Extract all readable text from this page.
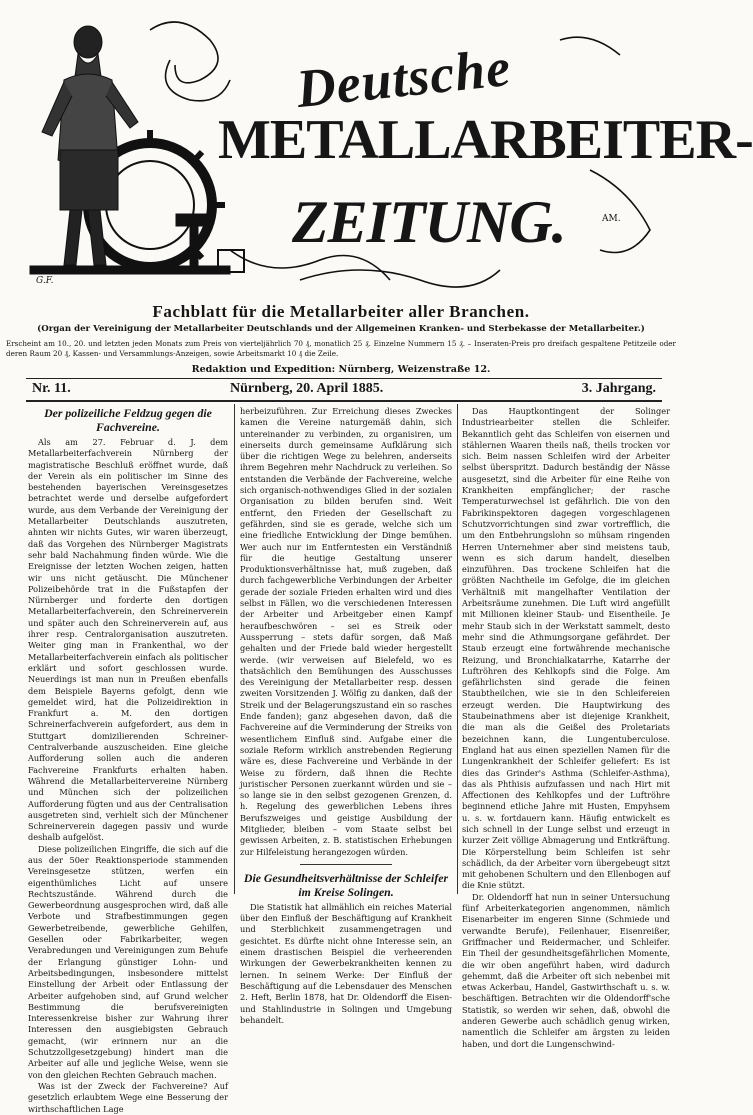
Deutsche
METALLARBEITER-
ZEITUNG.
G.F.
AM.
Fachblatt für die Metallarbeiter aller Branchen.
(Organ der Vereinigung der Metallarbeiter Deutschlands und der Allgemeinen Kranken- und Sterbekasse der Metallarbeiter.)
Erscheint am 10., 20. und letzten jeden Monats zum Preis von vierteljährlich 70 ₰, monatlich 25 ₰. Einzelne Nummern 15 ₰. – Inseraten-Preis pro dreifach gespaltene Petitzeile oder deren Raum 20 ₰, Kassen- und Versammlungs-Anzeigen, sowie Arbeitsmarkt 10 ₰ die Zeile.
Redaktion und Expedition: Nürnberg, Weizenstraße 12.
Nr. 11.	Nürnberg, 20. April 1885.	3. Jahrgang.
Der polizeiliche Feldzug gegen die Fachvereine.

Als am 27. Februar d. J. dem Metallarbeiterfachverein Nürnberg der magistratische Beschluß eröffnet wurde, daß der Verein als ein politischer im Sinne des bestehenden bayerischen Vereinsgesetzes betrachtet werde und derselbe aufgefordert wurde, aus dem Verbande der Vereinigung der Metallarbeiter Deutschlands auszutreten, ahnten wir nichts Gutes, wir waren überzeugt, daß das Vorgehen des Nürnberger Magistrats sehr bald Nachahmung finden würde. Wie die Ereignisse der letzten Wochen zeigen, hatten wir uns nicht getäuscht. Die Münchener Polizeibehörde trat in die Fußstapfen der Nürnberger und forderte den dortigen Metallarbeiterfachverein, den Schreinerverein und später auch den Schreinerverein auf, aus ihrer resp. Centralorganisation auszutreten. Weiter ging man in Frankenthal, wo der Metallarbeiterfachverein einfach als politischer erklärt und sofort geschlossen wurde. Neuerdings ist man nun in Preußen ebenfalls dem Beispiele Bayerns gefolgt, denn wie gemeldet wird, hat die Polizeidirektion in Frankfurt a. M. den dortigen Schreinerfachverein aufgefordert, aus dem in Stuttgart domizilierenden Schreiner-Centralverbande auszuscheiden. Eine gleiche Aufforderung sollen auch die anderen Fachvereine Frankfurts erhalten haben. Während die Metallarbeitervereine Nürnberg und München sich der polizeilichen Aufforderung fügten und aus der Centralisation ausgetreten sind, verhielt sich der Münchener Schreinerverein dagegen passiv und wurde deshalb aufgelöst.

Diese polizeilichen Eingriffe, die sich auf die aus der 50er Reaktionsperiode stammenden Vereinsgesetze stützen, werfen ein eigenthümliches Licht auf unsere Rechtszustände. Während durch die Gewerbeordnung ausgesprochen wird, daß alle Verbote und Strafbestimmungen gegen Gewerbetreibende, gewerbliche Gehilfen, Gesellen oder Fabrikarbeiter, wegen Verabredungen und Vereinigungen zum Behufe der Erlangung günstiger Lohn- und Arbeitsbedingungen, insbesondere mittelst Einstellung der Arbeit oder Entlassung der Arbeiter aufgehoben sind, auf Grund welcher Bestimmung die berufsvereinigten Interessenkreise bisher zur Wahrung ihrer Interessen den ausgiebigsten Gebrauch gemacht, (wir erinnern nur an die Schutzzollgesetzgebung) hindert man die Arbeiter auf alle und jegliche Weise, wenn sie von den gleichen Rechten Gebrauch machen.

Was ist der Zweck der Fachvereine? Auf gesetzlich erlaubtem Wege eine Besserung der wirthschaftlichen Lage

herbeizuführen. Zur Erreichung dieses Zweckes kamen die Vereine naturgemäß dahin, sich untereinander zu verbinden, zu organisiren, um einerseits durch gemeinsame Aufklärung sich über die richtigen Wege zu belehren, anderseits ihrem Begehren mehr Nachdruck zu verleihen. So entstanden die Verbände der Fachvereine, welche sich organisch-nothwendiges Glied in der sozialen Organisation zu bilden berufen sind. Weit entfernt, den Frieden der Gesellschaft zu gefährden, sind sie es gerade, welche sich um eine friedliche Entwicklung der Dinge bemühen. Wer auch nur im Entferntesten ein Verständniß für die heutige Gestaltung unserer Produktionsverhältnisse hat, muß zugeben, daß durch fachgewerbliche Verbindungen der Arbeiter gerade der soziale Frieden erhalten wird und dies selbst in Fällen, wo die verschiedenen Interessen der Arbeiter und Arbeitgeber einen Kampf heraufbeschwören – sei es Streik oder Aussperrung – stets dafür sorgen, daß Maß gehalten und der Friede bald wieder hergestellt werde. (wir verweisen auf Bielefeld, wo es thatsächlich den Bemühungen des Ausschusses des Vereinigung der Metallarbeiter resp. dessen zweiten Vorsitzenden J. Wölfig zu danken, daß der Streik und der Belagerungszustand ein so rasches Ende fanden); ganz abgesehen davon, daß die Fachvereine auf die Verminderung der Streiks von wesentlichem Einfluß sind. Aufgabe einer die soziale Reform wirklich anstrebenden Regierung wäre es, diese Fachvereine und Verbände in der Weise zu fördern, daß ihnen die Rechte juristischer Personen zuerkannt würden und sie – so lange sie in den selbst gezogenen Grenzen, d. h. Regelung des gewerblichen Lebens ihres Berufszweiges und geistige Ausbildung der Mitglieder, bleiben – vom Staate selbst bei gewissen Arbeiten, z. B. statistischen Erhebungen zur Hilfeleistung herangezogen würden.

Die Gesundheitsverhältnisse der Schleifer im Kreise Solingen.

Die Statistik hat allmählich ein reiches Material über den Einfluß der Beschäftigung auf Krankheit und Sterblichkeit zusammengetragen und gesichtet. Es dürfte nicht ohne Interesse sein, an einem drastischen Beispiel die verheerenden Wirkungen der Gewerbekrankheiten kennen zu lernen. In seinem Werke: Der Einfluß der Beschäftigung auf die Lebensdauer des Menschen 2. Heft, Berlin 1878, hat Dr. Oldendorff die Eisen- und Stahlindustrie in Solingen und Umgebung behandelt.

Das Hauptkontingent der Solinger Industriearbeiter stellen die Schleifer. Bekanntlich geht das Schleifen von eisernen und stählernen Waaren theils naß, theils trocken vor sich. Beim nassen Schleifen wird der Arbeiter selbst überspritzt. Dadurch beständig der Nässe ausgesetzt, sind die Arbeiter für eine Reihe von Krankheiten empfänglicher; der rasche Temperaturwechsel ist gefährlich. Die von den Fabrikinspektoren dagegen vorgeschlagenen Schutzvorrichtungen sind zwar vortrefflich, die um den Entbehrungslohn so mühsam ringenden Herren Unternehmer aber sind meistens taub, wenn es sich darum handelt, dieselben einzuführen. Das trockene Schleifen hat die größten Nachtheile im Gefolge, die im gleichen Verhältniß mit mangelhafter Ventilation der Arbeitsräume zunehmen. Die Luft wird angefüllt mit Millionen kleiner Staub- und Eisentheile. Je mehr Staub sich in der Werkstatt sammelt, desto mehr sind die Athmungsorgane gefährdet. Der Staub erzeugt eine fortwährende mechanische Reizung, und Bronchialkatarrhe, Katarrhe der Luftröhren des Kehlkopfs sind die Folge. Am gefährlichsten sind gerade die feinen Staubtheilchen, wie sie in den Schleifereien erzeugt werden. Die Hauptwirkung des Staubeinathmens aber ist diejenige Krankheit, die man als die Geißel des Proletariats bezeichnen kann, die Lungentuberculose. England hat aus einen speziellen Namen für die Lungenkrankheit der Schleifer geliefert: Es ist dies das Grinder's Asthma (Schleifer-Asthma), das als Phthisis aufzufassen und nach Hirt mit Affectionen des Kehlkopfes und der Luftröhre beginnend etliche Jahre mit Husten, Empyhsem u. s. w. fortdauern kann. Häufig entwickelt es sich schnell in der Lunge selbst und erzeugt in kurzer Zeit völlige Abmagerung und Entkräftung. Die Körperstellung beim Schleifen ist sehr schädlich, da der Arbeiter vorn übergebeugt sitzt mit gehobenen Schultern und den Ellenbogen auf die Knie stützt.

Dr. Oldendorff hat nun in seiner Untersuchung fünf Arbeiterkategorien angenommen, nämlich Eisenarbeiter im engeren Sinne (Schmiede und verwandte Berufe), Feilenhauer, Eisenreißer, Griffmacher und Reidermacher, und Schleifer. Ein Theil der gesundheitsgefährlichen Momente, die wir oben angeführt haben, wird dadurch gehemmt, daß die Arbeiter oft sich nebenbei mit etwas Ackerbau, Handel, Gastwirthschaft u. s. w. beschäftigen. Betrachten wir die Oldendorff'sche Statistik, so werden wir sehen, daß, obwohl die anderen Gewerbe auch schädlich genug wirken, namentlich die Schleifer am ärgsten zu leiden haben, und dort die Lungenschwind-
